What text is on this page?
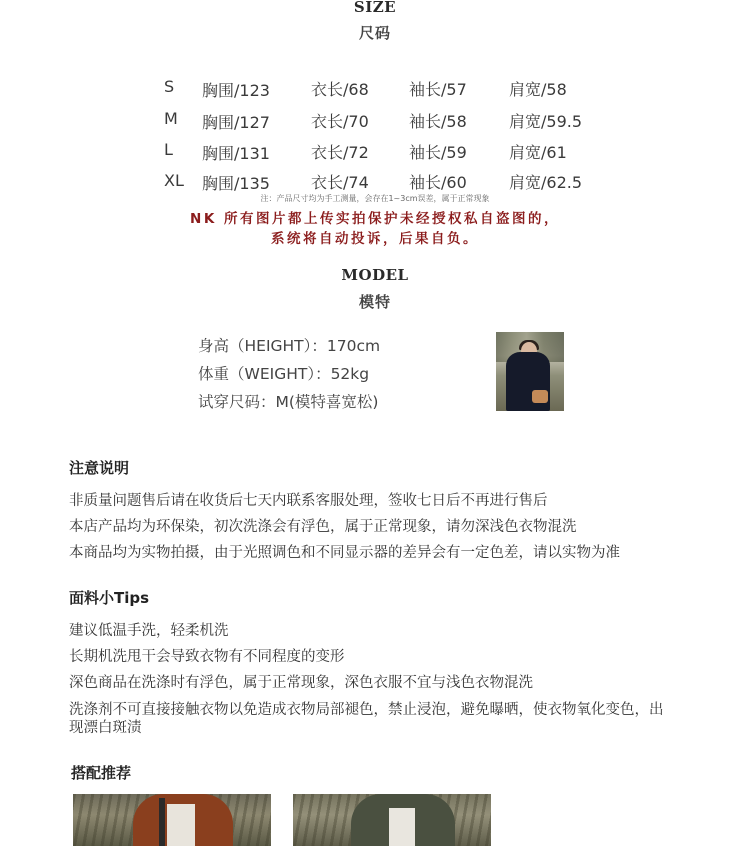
SIZE
尺码
S 胸围/123	衣长/68	袖长/57	肩宽/58
M 胸围/127	衣长/70	袖长/58	肩宽/59.5
L 胸围/131	衣长/72	袖长/59	肩宽/61
XL 胸围/135	衣长/74	袖长/60	肩宽/62.5
注：产品尺寸均为手工测量，会存在1~3cm误差，属于正常现象
NK 所有图片都上传实拍保护未经授权私自盗图的，
系统将自动投诉，后果自负。
MODEL
模特
身高（HEIGHT）：170cm
体重（WEIGHT）：52kg
试穿尺码：M(模特喜宽松)
注意说明
非质量问题售后请在收货后七天内联系客服处理，签收七日后不再进行售后
本店产品均为环保染，初次洗涤会有浮色，属于正常现象，请勿深浅色衣物混洗
本商品均为实物拍摄，由于光照调色和不同显示器的差异会有一定色差，请以实物为准
面料小Tips
建议低温手洗，轻柔机洗
长期机洗甩干会导致衣物有不同程度的变形
深色商品在洗涤时有浮色，属于正常现象，深色衣服不宜与浅色衣物混洗
洗涤剂不可直接接触衣物以免造成衣物局部褪色，禁止浸泡，避免曝晒，使衣物氧化变色，出
现漂白斑渍
搭配推荐
